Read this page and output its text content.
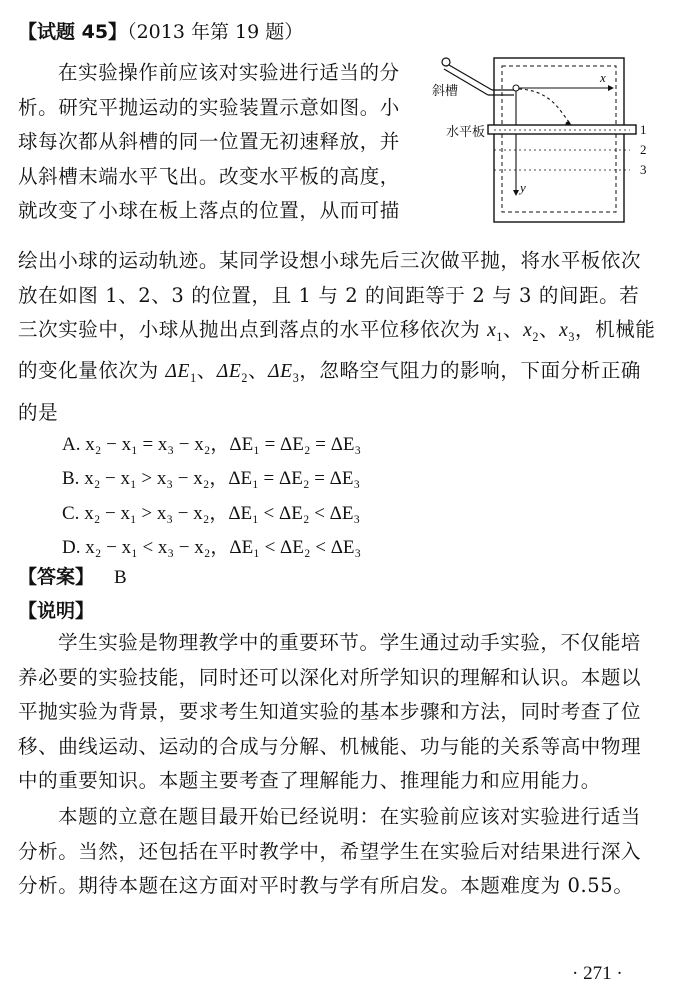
【试题 45】（2013 年第 19 题）

在实验操作前应该对实验进行适当的分析。研究平抛运动的实验装置示意如图。小球每次都从斜槽的同一位置无初速释放，并从斜槽末端水平飞出。改变水平板的高度，就改变了小球在板上落点的位置，从而可描

斜槽
水平板
x
y
1
2
3

绘出小球的运动轨迹。某同学设想小球先后三次做平抛，将水平板依次放在如图 1、2、3 的位置，且 1 与 2 的间距等于 2 与 3 的间距。若三次实验中，小球从抛出点到落点的水平位移依次为 $x_1$、$x_2$、$x_3$，机械能的变化量依次为 $\Delta E_1$、$\Delta E_2$、$\Delta E_3$，忽略空气阻力的影响，下面分析正确的是

A. x₂ − x₁ = x₃ − x₂，ΔE₁ = ΔE₂ = ΔE₃
B. x₂ − x₁ > x₃ − x₂，ΔE₁ = ΔE₂ = ΔE₃
C. x₂ − x₁ > x₃ − x₂，ΔE₁ < ΔE₂ < ΔE₃
D. x₂ − x₁ < x₃ − x₂，ΔE₁ < ΔE₂ < ΔE₃
【答案】 B
【说明】

学生实验是物理教学中的重要环节。学生通过动手实验，不仅能培养必要的实验技能，同时还可以深化对所学知识的理解和认识。本题以平抛实验为背景，要求考生知道实验的基本步骤和方法，同时考查了位移、曲线运动、运动的合成与分解、机械能、功与能的关系等高中物理中的重要知识。本题主要考查了理解能力、推理能力和应用能力。

本题的立意在题目最开始已经说明：在实验前应该对实验进行适当分析。当然，还包括在平时教学中，希望学生在实验后对结果进行深入分析。期待本题在这方面对平时教与学有所启发。本题难度为 0.55。

· 271 ·
